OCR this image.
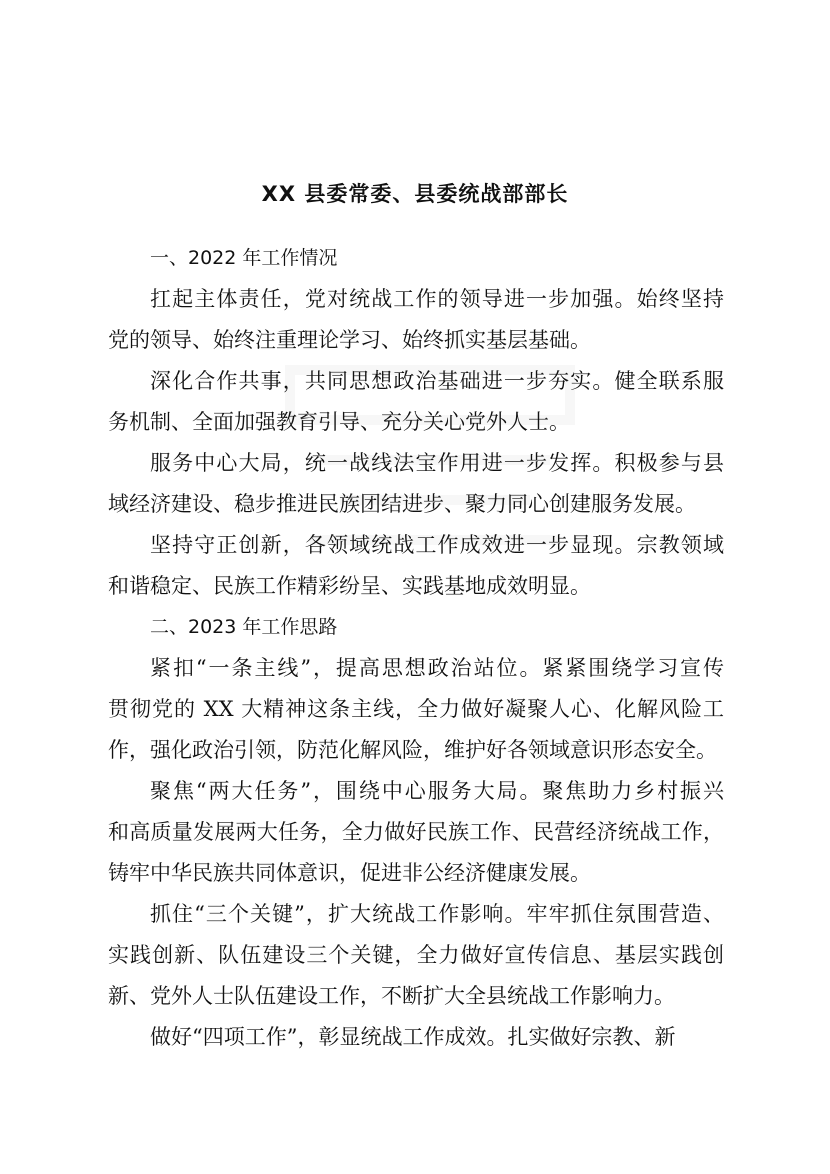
XX 县委常委、县委统战部部长

一、2022 年工作情况

扛起主体责任，党对统战工作的领导进一步加强。始终坚持

党的领导、始终注重理论学习、始终抓实基层基础。

深化合作共事，共同思想政治基础进一步夯实。健全联系服

务机制、全面加强教育引导、充分关心党外人士。

服务中心大局，统一战线法宝作用进一步发挥。积极参与县

域经济建设、稳步推进民族团结进步、聚力同心创建服务发展。

坚持守正创新，各领域统战工作成效进一步显现。宗教领域

和谐稳定、民族工作精彩纷呈、实践基地成效明显。

二、2023 年工作思路

紧扣“一条主线”，提高思想政治站位。紧紧围绕学习宣传

贯彻党的 XX 大精神这条主线，全力做好凝聚人心、化解风险工

作，强化政治引领，防范化解风险，维护好各领域意识形态安全。

聚焦“两大任务”，围绕中心服务大局。聚焦助力乡村振兴

和高质量发展两大任务，全力做好民族工作、民营经济统战工作，

铸牢中华民族共同体意识，促进非公经济健康发展。

抓住“三个关键”，扩大统战工作影响。牢牢抓住氛围营造、

实践创新、队伍建设三个关键，全力做好宣传信息、基层实践创

新、党外人士队伍建设工作，不断扩大全县统战工作影响力。

做好“四项工作”，彰显统战工作成效。扎实做好宗教、新
